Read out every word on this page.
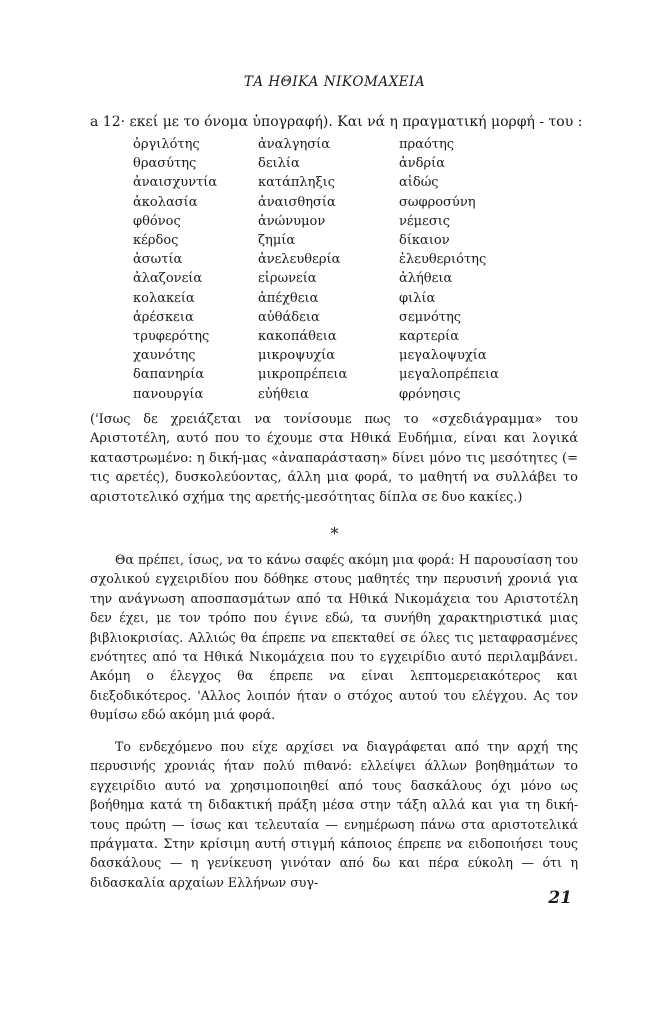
ΤΑ ΗΘΙΚΑ ΝΙΚΟΜΑΧΕΙΑ
a 12· εκεί με το όνομα ὑπογραφή). Και νά η πραγματική μορφή - του :
ὀργιλότης	ἀναλγησία	πραότης
θρασύτης	δειλία	ἀνδρία
ἀναισχυντία	κατάπληξις	αἰδώς
ἀκολασία	ἀναισθησία	σωφροσύνη
φθόνος	ἀνώνυμον	νέμεσις
κέρδος	ζημία	δίκαιον
ἀσωτία	ἀνελευθερία	ἐλευθεριότης
ἀλαζονεία	εἰρωνεία	ἀλήθεια
κολακεία	ἀπέχθεια	φιλία
ἀρέσκεια	αὐθάδεια	σεμνότης
τρυφερότης	κακοπάθεια	καρτερία
χαυνότης	μικροψυχία	μεγαλοψυχία
δαπανηρία	μικροπρέπεια	μεγαλοπρέπεια
πανουργία	εὐήθεια	φρόνησις
('Ισως δε χρειάζεται να τονίσουμε πως το «σχεδιάγραμμα» του Αριστοτέλη, αυτό που το έχουμε στα Ηθικά Ευδήμια, είναι και λογικά καταστρωμένο: η δική-μας «ἀναπαράσταση» δίνει μόνο τις μεσότητες (= τις αρετές), δυσκολεύοντας, άλλη μια φορά, το μαθητή να συλλάβει το αριστοτελικό σχήμα της αρετής-μεσότητας δίπλα σε δυο κακίες.)
*

Θα πρέπει, ίσως, να το κάνω σαφές ακόμη μια φορά: Η παρουσίαση του σχολικού εγχειριδίου που δόθηκε στους μαθητές την περυσινή χρονιά για την ανάγνωση αποσπασμάτων από τα Ηθικά Νικομάχεια του Αριστοτέλη δεν έχει, με τον τρόπο που έγινε εδώ, τα συνήθη χαρακτηριστικά μιας βιβλιοκρισίας. Αλλιώς θα έπρεπε να επεκταθεί σε όλες τις μεταφρασμένες ενότητες από τα Ηθικά Νικομάχεια που το εγχειρίδιο αυτό περιλαμβάνει. Ακόμη ο έλεγχος θα έπρεπε να είναι λεπτομερειακότερος και διεξοδικότερος. 'Αλλος λοιπόν ήταν ο στόχος αυτού του ελέγχου. Ας τον θυμίσω εδώ ακόμη μιά φορά.

Το ενδεχόμενο που είχε αρχίσει να διαγράφεται από την αρχή της περυσινής χρονιάς ήταν πολύ πιθανό: ελλείψει άλλων βοηθημάτων το εγχειρίδιο αυτό να χρησιμοποιηθεί από τους δασκάλους όχι μόνο ως βοήθημα κατά τη διδακτική πράξη μέσα στην τάξη αλλά και για τη δική-τους πρώτη — ίσως και τελευταία — ενημέρωση πάνω στα αριστοτελικά πράγματα. Στην κρίσιμη αυτή στιγμή κάποιος έπρεπε να ειδοποιήσει τους δασκάλους — η γενίκευση γινόταν από δω και πέρα εύκολη — ότι η διδασκαλία αρχαίων Ελλήνων συγ-

21
